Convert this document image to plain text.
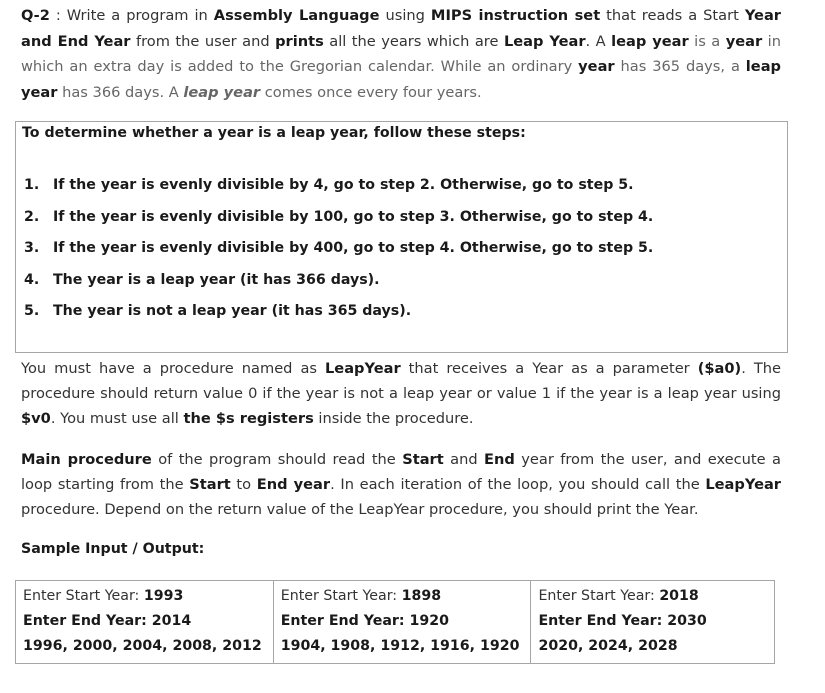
Q-2 : Write a program in Assembly Language using MIPS instruction set that reads a Start Year and End Year from the user and prints all the years which are Leap Year. A leap year is a year in which an extra day is added to the Gregorian calendar. While an ordinary year has 365 days, a leap year has 366 days. A leap year comes once every four years.

To determine whether a year is a leap year, follow these steps:
1. If the year is evenly divisible by 4, go to step 2. Otherwise, go to step 5.
2. If the year is evenly divisible by 100, go to step 3. Otherwise, go to step 4.
3. If the year is evenly divisible by 400, go to step 4. Otherwise, go to step 5.
4. The year is a leap year (it has 366 days).
5. The year is not a leap year (it has 365 days).

You must have a procedure named as LeapYear that receives a Year as a parameter ($a0). The procedure should return value 0 if the year is not a leap year or value 1 if the year is a leap year using $v0. You must use all the $s registers inside the procedure.

Main procedure of the program should read the Start and End year from the user, and execute a loop starting from the Start to End year. In each iteration of the loop, you should call the LeapYear procedure. Depend on the return value of the LeapYear procedure, you should print the Year.

Sample Input / Output:
Enter Start Year: 1993
Enter End Year: 2014
1996, 2000, 2004, 2008, 2012

Enter Start Year: 1898
Enter End Year: 1920
1904, 1908, 1912, 1916, 1920

Enter Start Year: 2018
Enter End Year: 2030
2020, 2024, 2028
